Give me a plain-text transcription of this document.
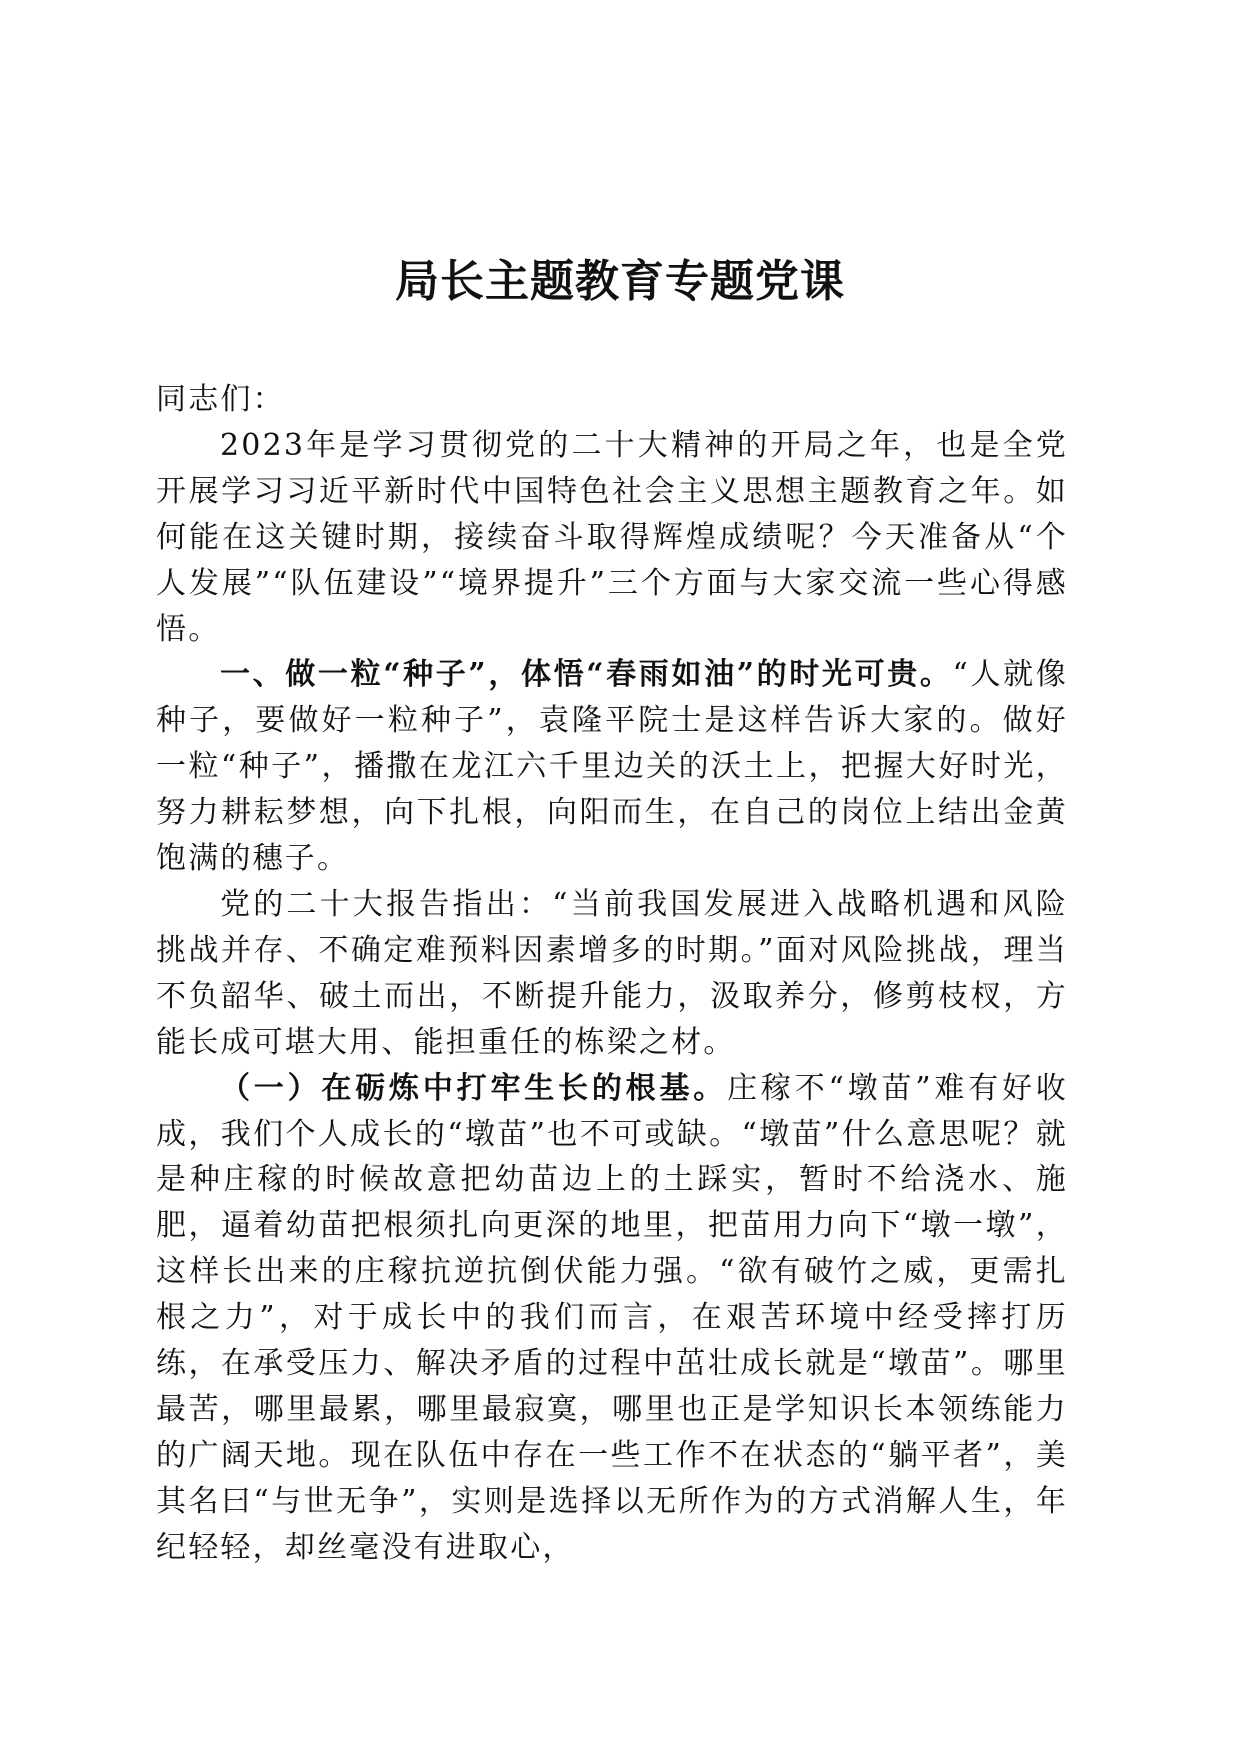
局长主题教育专题党课

同志们：

2023年是学习贯彻党的二十大精神的开局之年，也是全党开展学习习近平新时代中国特色社会主义思想主题教育之年。如何能在这关键时期，接续奋斗取得辉煌成绩呢？今天准备从“个人发展”“队伍建设”“境界提升”三个方面与大家交流一些心得感悟。

一、做一粒“种子”，体悟“春雨如油”的时光可贵。“人就像种子，要做好一粒种子”，袁隆平院士是这样告诉大家的。做好一粒“种子”，播撒在龙江六千里边关的沃土上，把握大好时光，努力耕耘梦想，向下扎根，向阳而生，在自己的岗位上结出金黄饱满的穗子。

党的二十大报告指出：“当前我国发展进入战略机遇和风险挑战并存、不确定难预料因素增多的时期。”面对风险挑战，理当不负韶华、破土而出，不断提升能力，汲取养分，修剪枝杈，方能长成可堪大用、能担重任的栋梁之材。

（一）在砺炼中打牢生长的根基。庄稼不“墩苗”难有好收成，我们个人成长的“墩苗”也不可或缺。“墩苗”什么意思呢？就是种庄稼的时候故意把幼苗边上的土踩实，暂时不给浇水、施肥，逼着幼苗把根须扎向更深的地里，把苗用力向下“墩一墩”，这样长出来的庄稼抗逆抗倒伏能力强。“欲有破竹之威，更需扎根之力”，对于成长中的我们而言，在艰苦环境中经受摔打历练，在承受压力、解决矛盾的过程中茁壮成长就是“墩苗”。哪里最苦，哪里最累，哪里最寂寞，哪里也正是学知识长本领练能力的广阔天地。现在队伍中存在一些工作不在状态的“躺平者”，美其名曰“与世无争”，实则是选择以无所作为的方式消解人生，年纪轻轻，却丝毫没有进取心，
